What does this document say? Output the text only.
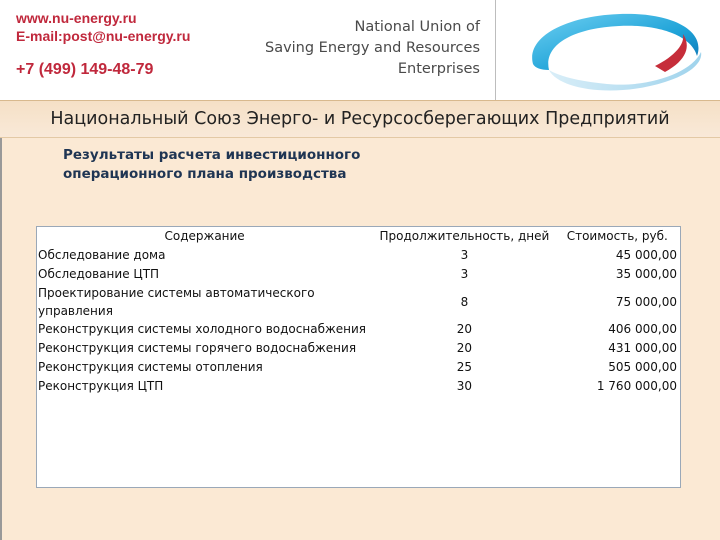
www.nu-energy.ru
E-mail:post@nu-energy.ru
+7 (499) 149-48-79
National Union of
Saving Energy and Resources
Enterprises
Национальный Союз Энерго- и Ресурсосберегающих Предприятий
Результаты расчета инвестиционного
операционного плана производства
Содержание	Продолжительность, дней	Стоимость, руб.
Обследование дома	3	45 000,00
Обследование ЦТП	3	35 000,00
Проектирование системы автоматического управления	8	75 000,00
Реконструкция системы холодного водоснабжения	20	406 000,00
Реконструкция системы горячего водоснабжения	20	431 000,00
Реконструкция системы отопления	25	505 000,00
Реконструкция ЦТП	30	1 760 000,00
